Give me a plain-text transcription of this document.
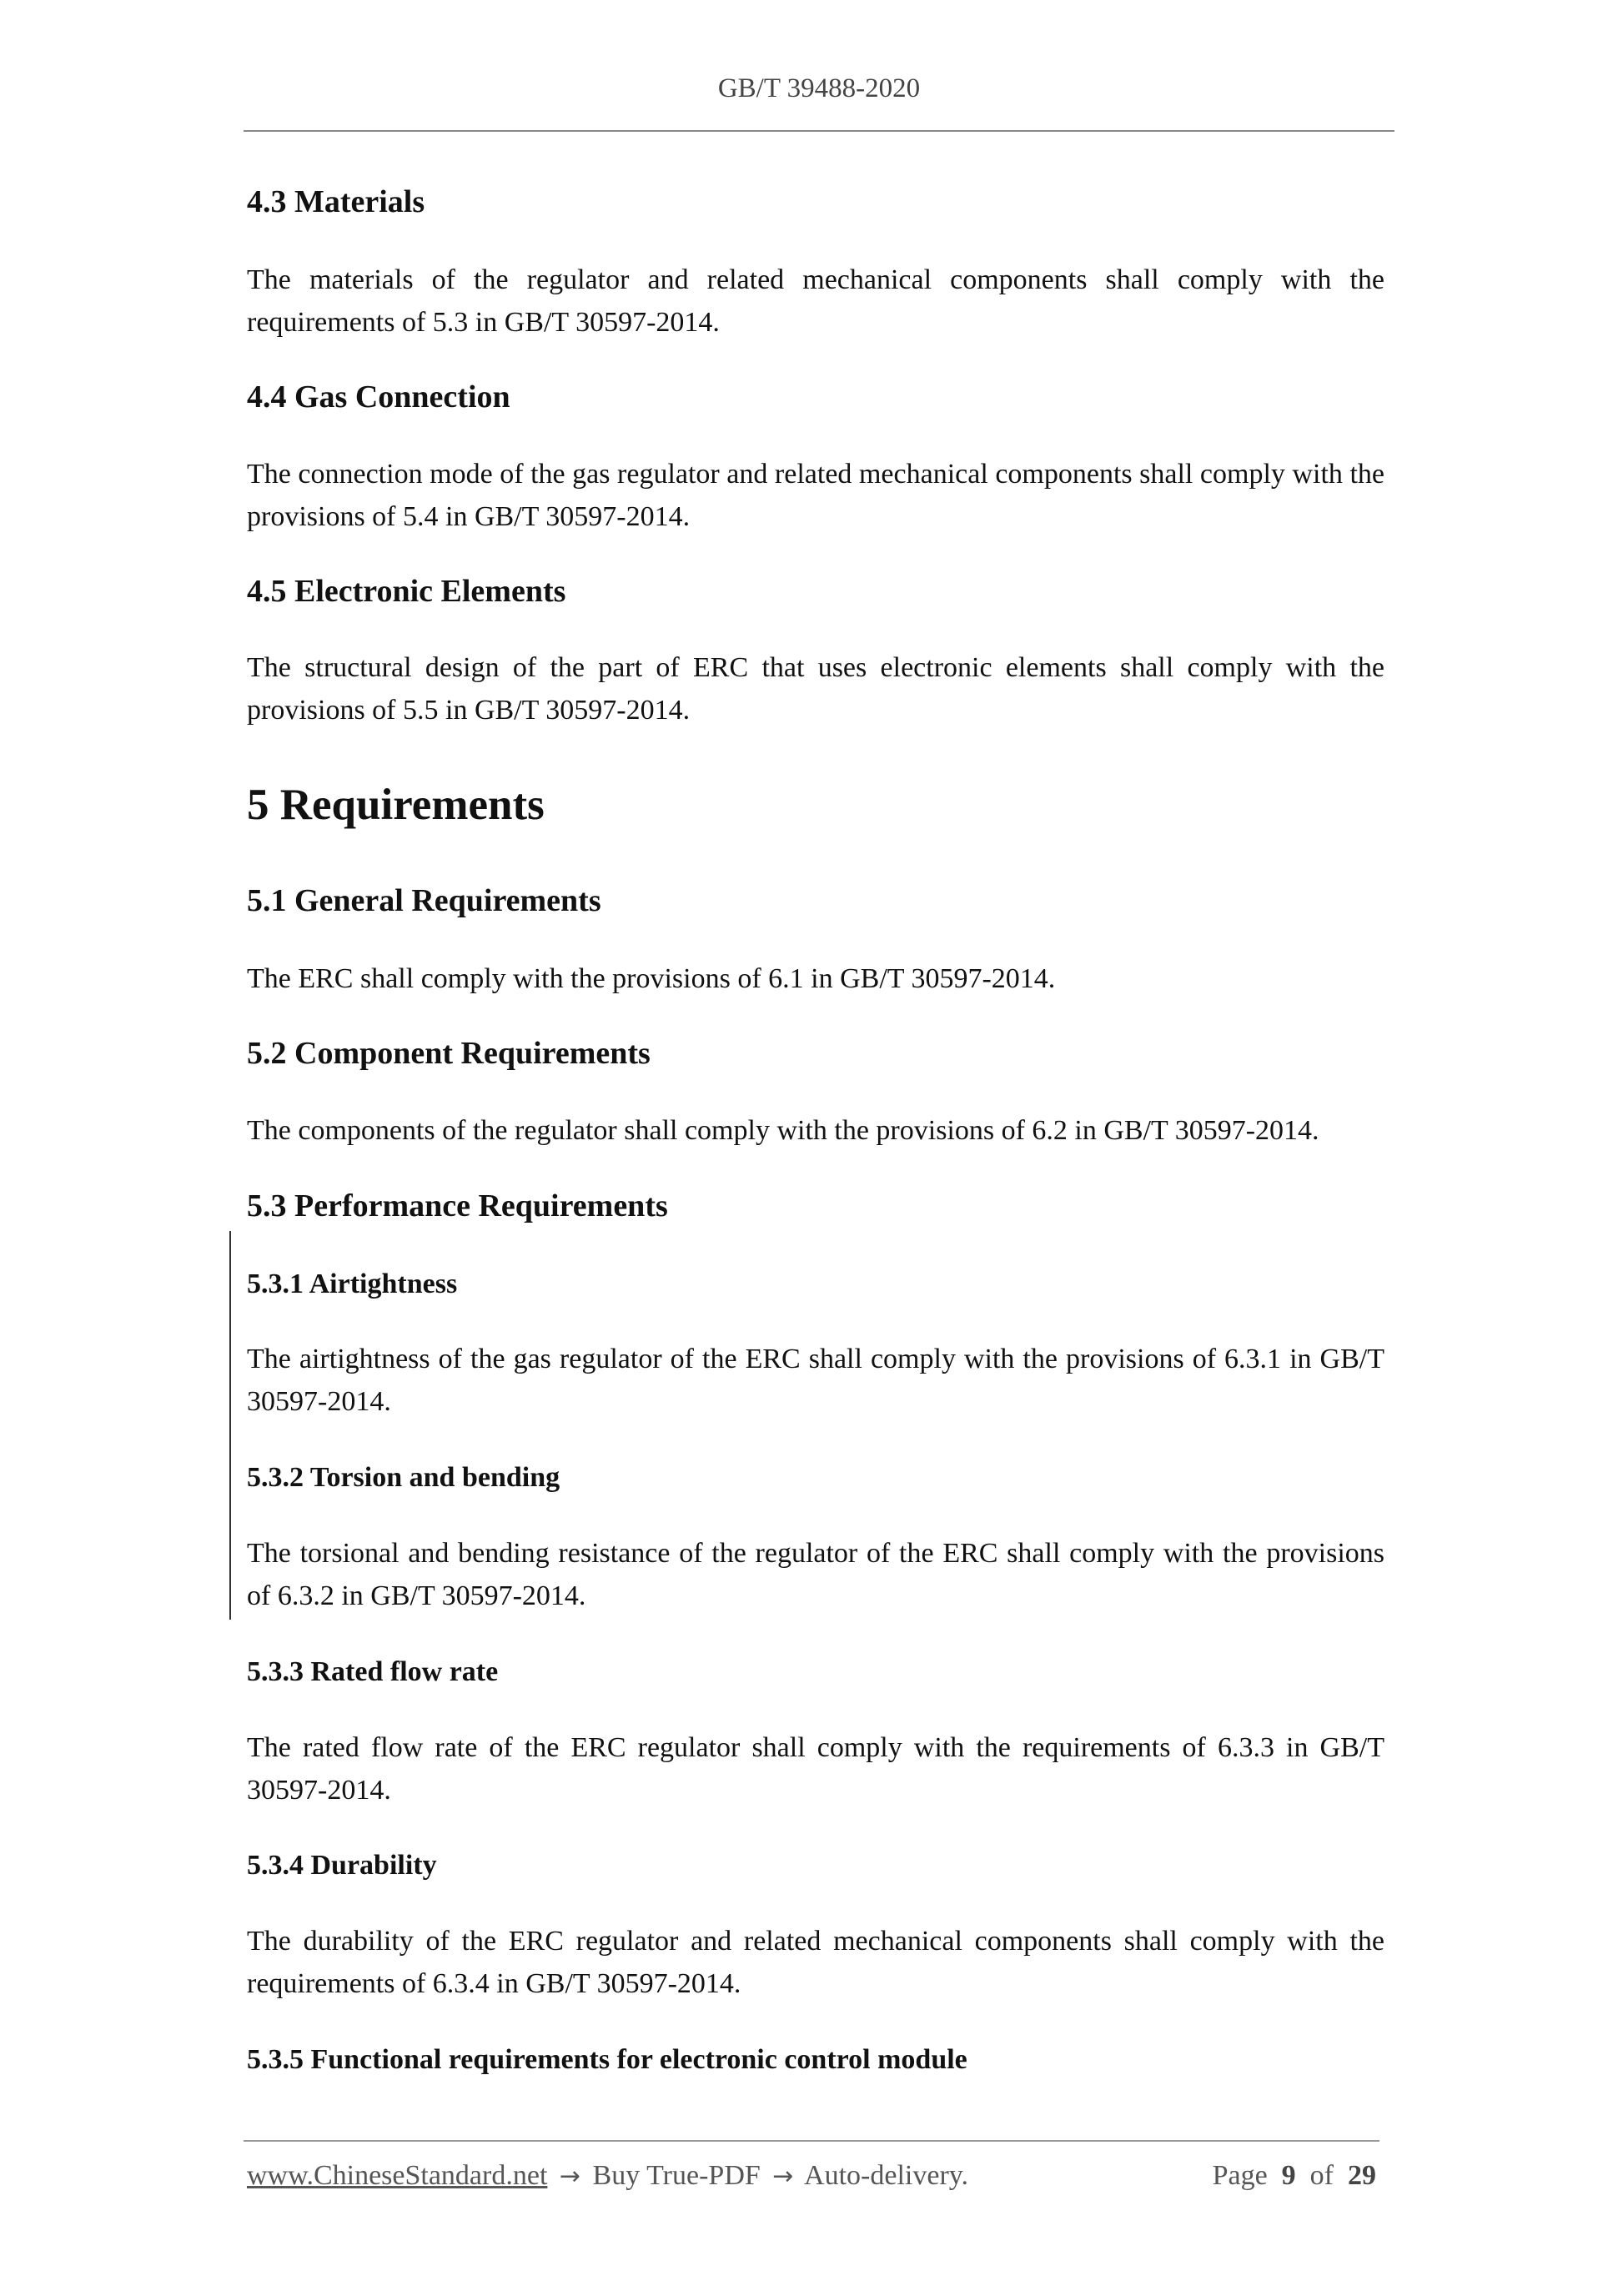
GB/T 39488-2020
4.3 Materials
The materials of the regulator and related mechanical components shall comply with the requirements of 5.3 in GB/T 30597-2014.
4.4 Gas Connection
The connection mode of the gas regulator and related mechanical components shall comply with the provisions of 5.4 in GB/T 30597-2014.
4.5 Electronic Elements
The structural design of the part of ERC that uses electronic elements shall comply with the provisions of 5.5 in GB/T 30597-2014.
5 Requirements
5.1 General Requirements
The ERC shall comply with the provisions of 6.1 in GB/T 30597-2014.
5.2 Component Requirements
The components of the regulator shall comply with the provisions of 6.2 in GB/T 30597-2014.
5.3 Performance Requirements
5.3.1 Airtightness
The airtightness of the gas regulator of the ERC shall comply with the provisions of 6.3.1 in GB/T 30597-2014.
5.3.2 Torsion and bending
The torsional and bending resistance of the regulator of the ERC shall comply with the provisions of 6.3.2 in GB/T 30597-2014.
5.3.3 Rated flow rate
The rated flow rate of the ERC regulator shall comply with the requirements of 6.3.3 in GB/T 30597-2014.
5.3.4 Durability
The durability of the ERC regulator and related mechanical components shall comply with the requirements of 6.3.4 in GB/T 30597-2014.
5.3.5 Functional requirements for electronic control module
www.ChineseStandard.net → Buy True-PDF → Auto-delivery.	Page 9 of 29
